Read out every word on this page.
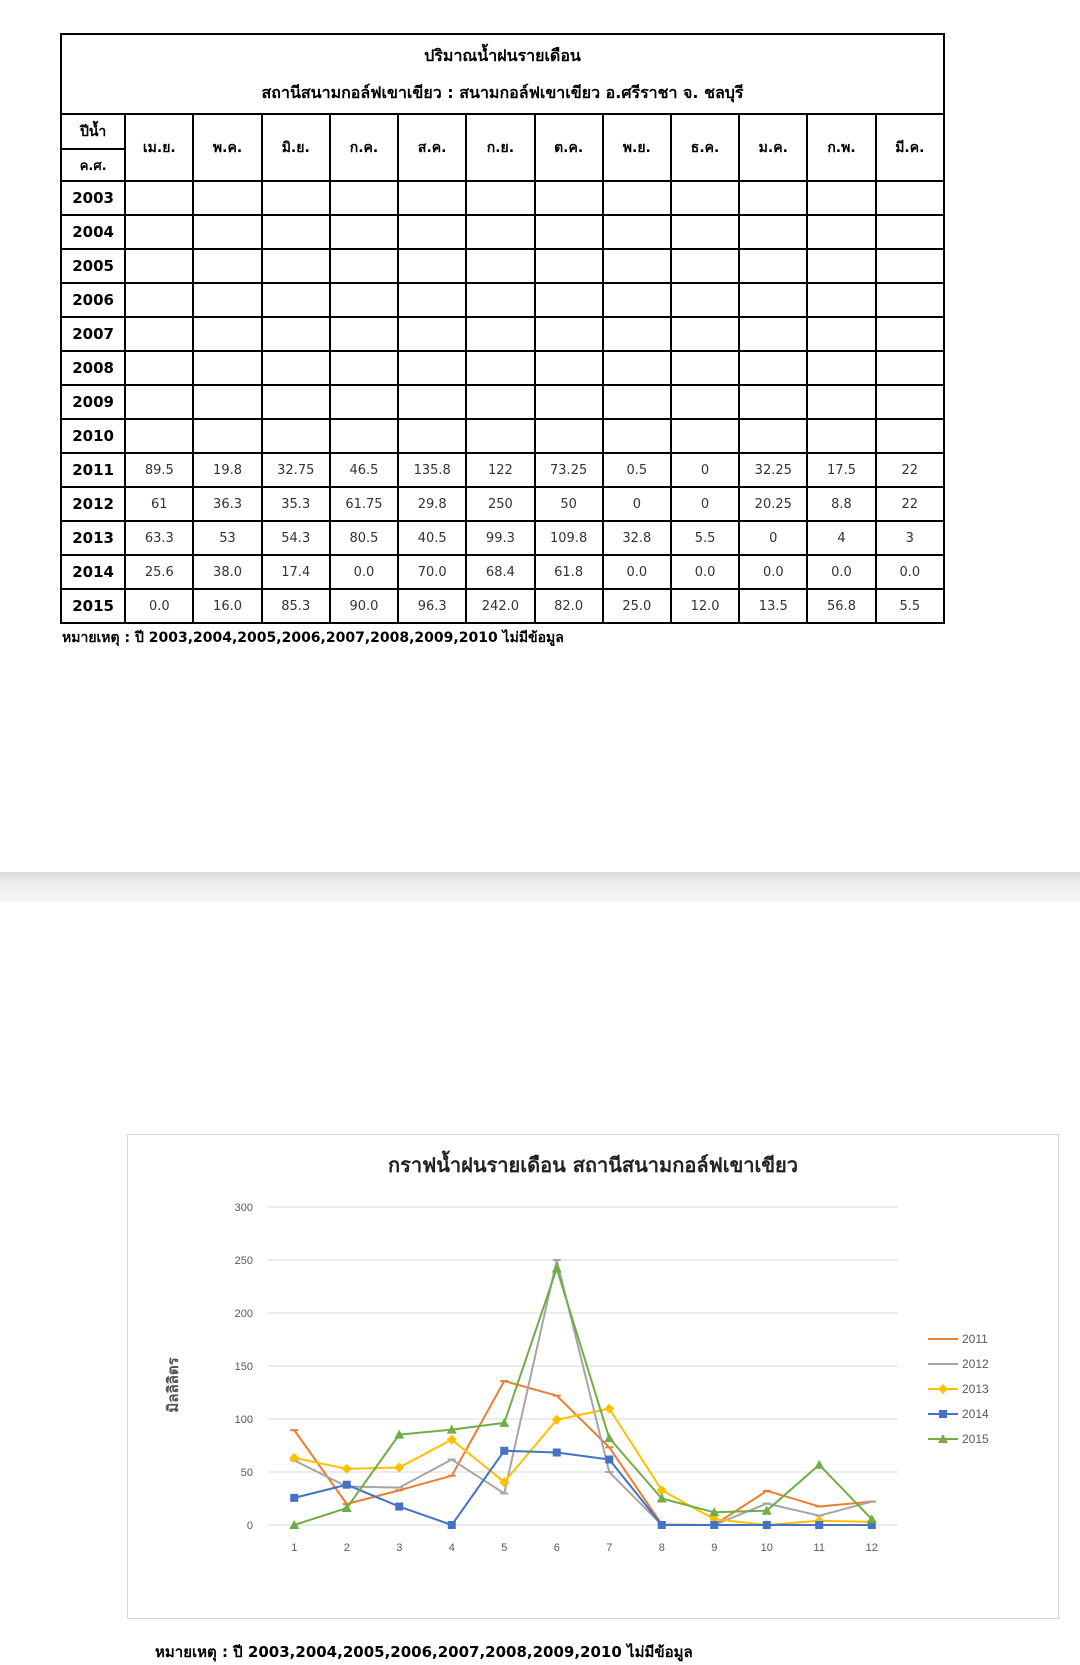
ปริมาณน้ำฝนรายเดือน
สถานีสนามกอล์ฟเขาเขียว : สนามกอล์ฟเขาเขียว อ.ศรีราชา จ. ชลบุรี												

ปีน้ำ	เม.ย.	พ.ค.	มิ.ย.	ก.ค.	ส.ค.	ก.ย.	ต.ค.	พ.ย.	ธ.ค.	ม.ค.	ก.พ.	มี.ค.
ค.ศ.												
2003												
2004												
2005												
2006												
2007												
2008												
2009												
2010												
2011	89.5	19.8	32.75	46.5	135.8	122	73.25	0.5	0	32.25	17.5	22
2012	61	36.3	35.3	61.75	29.8	250	50	0	0	20.25	8.8	22
2013	63.3	53	54.3	80.5	40.5	99.3	109.8	32.8	5.5	0	4	3
2014	25.6	38.0	17.4	0.0	70.0	68.4	61.8	0.0	0.0	0.0	0.0	0.0
2015	0.0	16.0	85.3	90.0	96.3	242.0	82.0	25.0	12.0	13.5	56.8	5.5
หมายเหตุ : ปี 2003,2004,2005,2006,2007,2008,2009,2010 ไม่มีข้อมูล
กราฟน้ำฝนรายเดือน สถานีสนามกอล์ฟเขาเขียว
มิลลิลิตร
0
50
100
150
200
250
300
1	2	3	4	5	6	7	8	9	10	11	12
2011
2012
2013
2014
2015
หมายเหตุ : ปี 2003,2004,2005,2006,2007,2008,2009,2010 ไม่มีข้อมูล
